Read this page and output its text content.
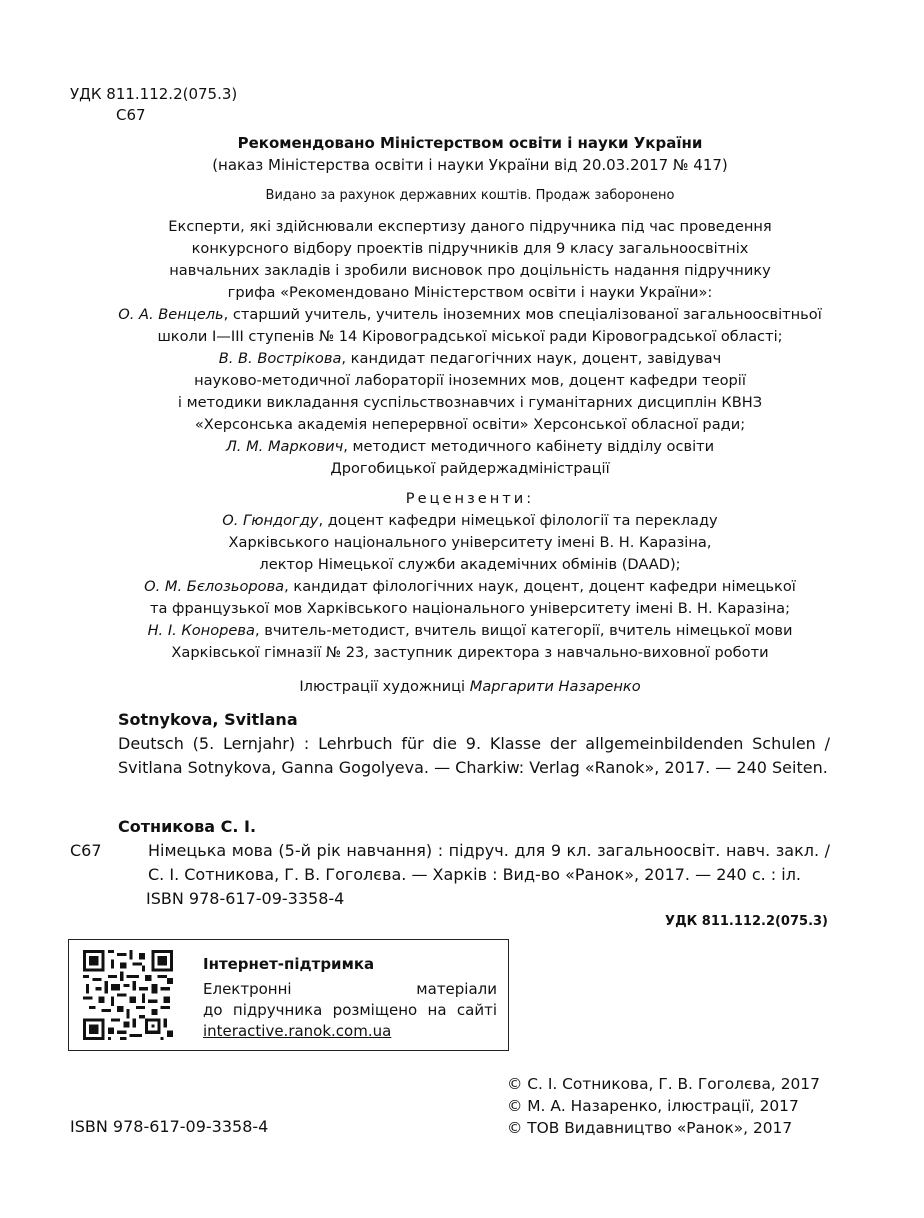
УДК 811.112.2(075.3)
С67
Рекомендовано Міністерством освіти і науки України
(наказ Міністерства освіти і науки України від 20.03.2017 № 417)
Видано за рахунок державних коштів. Продаж заборонено
Експерти, які здійснювали експертизу даного підручника під час проведення
конкурсного відбору проектів підручників для 9 класу загальноосвітніх
навчальних закладів і зробили висновок про доцільність надання підручнику
грифа «Рекомендовано Міністерством освіти і науки України»:
О. А. Венцель, старший учитель, учитель іноземних мов спеціалізованої загальноосвітньої
школи І—ІІІ ступенів № 14 Кіровоградської міської ради Кіровоградської області;
В. В. Вострікова, кандидат педагогічних наук, доцент, завідувач
науково-методичної лабораторії іноземних мов, доцент кафедри теорії
і методики викладання суспільствознавчих і гуманітарних дисциплін КВНЗ
«Херсонська академія неперервної освіти» Херсонської обласної ради;
Л. М. Маркович, методист методичного кабінету відділу освіти
Дрогобицької райдержадміністрації
Рецензенти:
О. Гюндогду, доцент кафедри німецької філології та перекладу
Харківського національного університету імені В. Н. Каразіна,
лектор Німецької служби академічних обмінів (DAAD);
О. М. Бєлозьорова, кандидат філологічних наук, доцент, доцент кафедри німецької
та французької мов Харківського національного університету імені В. Н. Каразіна;
Н. І. Конорева, вчитель-методист, вчитель вищої категорії, вчитель німецької мови
Харківської гімназії № 23, заступник директора з навчально-виховної роботи
Ілюстрації художниці Маргарити Назаренко
Sotnykova, Svitlana
Deutsch (5. Lernjahr) : Lehrbuch für die 9. Klasse der allgemeinbildenden Schulen / Svitlana Sotnykova, Ganna Gogolyeva. — Charkiw: Verlag «Ranok», 2017. — 240 Seiten.
Сотникова С. І.
С67	Німецька мова (5-й рік навчання) : підруч. для 9 кл. загальноосвіт. навч. закл. / С. І. Сотникова, Г. В. Гоголєва. — Харків : Вид-во «Ранок», 2017. — 240 с. : іл.
ISBN 978-617-09-3358-4
УДК 811.112.2(075.3)
Інтернет-підтримка
Електронні матеріали
до підручника розміщено на сайті
interactive.ranok.com.ua
ISBN 978-617-09-3358-4
© С. І. Сотникова, Г. В. Гоголєва, 2017
© М. А. Назаренко, ілюстрації, 2017
© ТОВ Видавництво «Ранок», 2017
